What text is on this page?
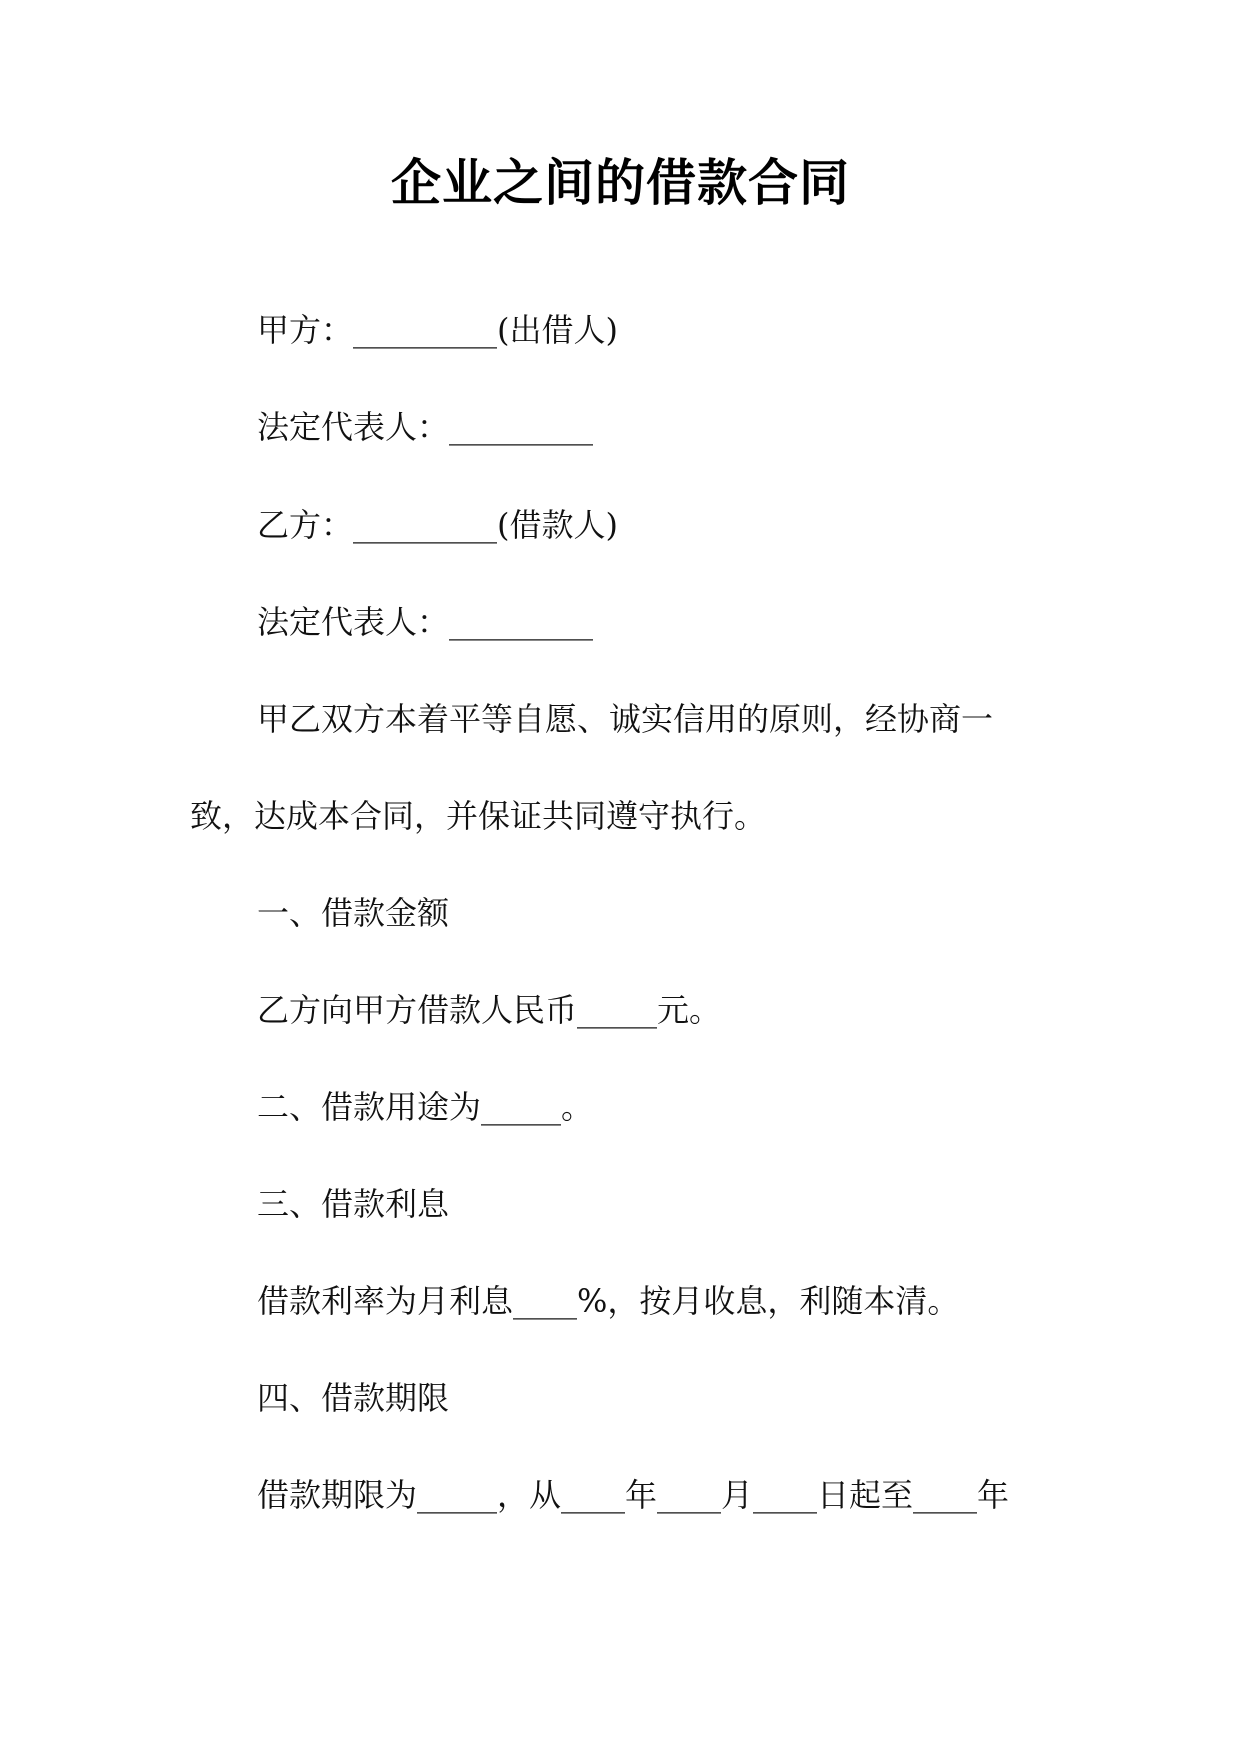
企业之间的借款合同
甲方：_________(出借人)
法定代表人：_________
乙方：_________(借款人)
法定代表人：_________
甲乙双方本着平等自愿、诚实信用的原则，经协商一
致，达成本合同，并保证共同遵守执行。
一、借款金额
乙方向甲方借款人民币_____元。
二、借款用途为_____。
三、借款利息
借款利率为月利息____%，按月收息，利随本清。
四、借款期限
借款期限为_____，从____年____月____日起至____年
